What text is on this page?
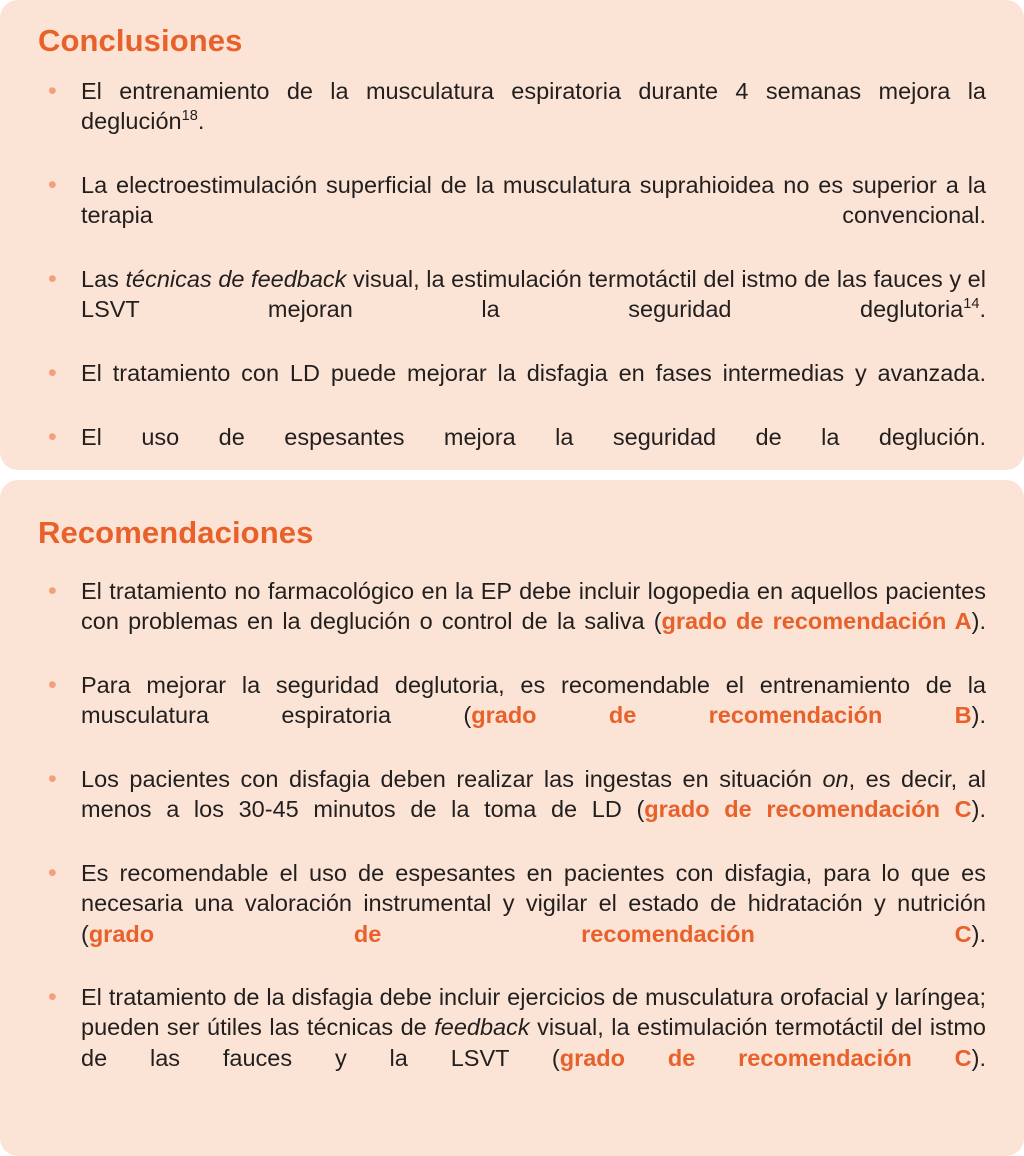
Conclusiones
• El entrenamiento de la musculatura espiratoria durante 4 semanas mejora la deglución$^{18}$.
• La electroestimulación superficial de la musculatura suprahioidea no es superior a la terapia convencional.
• Las técnicas de feedback visual, la estimulación termotáctil del istmo de las fauces y el LSVT mejoran la seguridad deglutoria$^{14}$.
• El tratamiento con LD puede mejorar la disfagia en fases intermedias y avanzada.
• El uso de espesantes mejora la seguridad de la deglución.
Recomendaciones
• El tratamiento no farmacológico en la EP debe incluir logopedia en aquellos pacientes con problemas en la deglución o control de la saliva (grado de recomendación A).
• Para mejorar la seguridad deglutoria, es recomendable el entrenamiento de la musculatura espiratoria (grado de recomendación B).
• Los pacientes con disfagia deben realizar las ingestas en situación on, es decir, al menos a los 30-45 minutos de la toma de LD (grado de recomendación C).
• Es recomendable el uso de espesantes en pacientes con disfagia, para lo que es necesaria una valoración instrumental y vigilar el estado de hidratación y nutrición (grado de recomendación C).
• El tratamiento de la disfagia debe incluir ejercicios de musculatura orofacial y laríngea; pueden ser útiles las técnicas de feedback visual, la estimulación termotáctil del istmo de las fauces y la LSVT (grado de recomendación C).
